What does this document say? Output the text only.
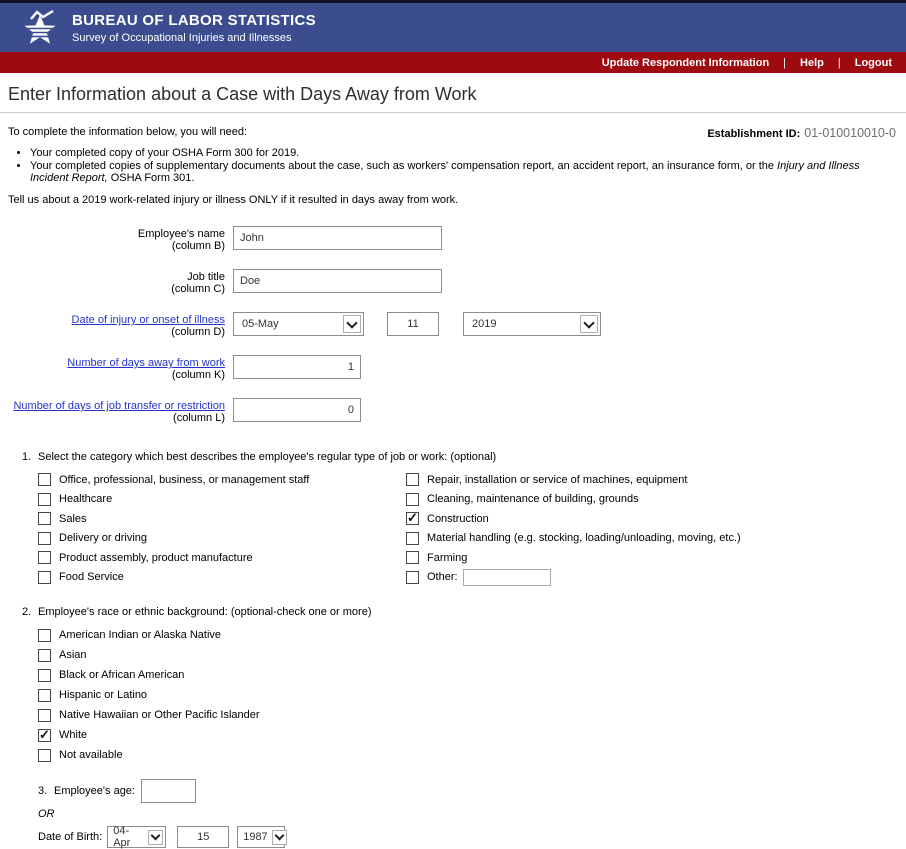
BUREAU OF LABOR STATISTICS
Survey of Occupational Injuries and Illnesses
Update Respondent Information | Help | Logout
Enter Information about a Case with Days Away from Work
To complete the information below, you will need:	Establishment ID: 01-010010010-0
• Your completed copy of your OSHA Form 300 for 2019.
• Your completed copies of supplementary documents about the case, such as workers' compensation report, an accident report, an insurance form, or the Injury and Illness Incident Report, OSHA Form 301.
Tell us about a 2019 work-related injury or illness ONLY if it resulted in days away from work.
Employee's name
(column B)
John
Job title
(column C)
Doe
Date of injury or onset of illness
(column D)
05-May
11	2019
Number of days away from work
(column K)
1
Number of days of job transfer or restriction
(column L)
0
1. Select the category which best describes the employee's regular type of job or work: (optional)
Office, professional, business, or management staff
Healthcare
Sales
Delivery or driving
Product assembly, product manufacture
Food Service
Repair, installation or service of machines, equipment
Cleaning, maintenance of building, grounds
✓
Construction
Material handling (e.g. stocking, loading/unloading, moving, etc.)
Farming
Other:
2. Employee's race or ethnic background: (optional-check one or more)
American Indian or Alaska Native
Asian
Black or African American
Hispanic or Latino
Native Hawaiian or Other Pacific Islander
✓
White
Not available
3. Employee's age:
OR
Date of Birth: 04-Apr
15	1987
